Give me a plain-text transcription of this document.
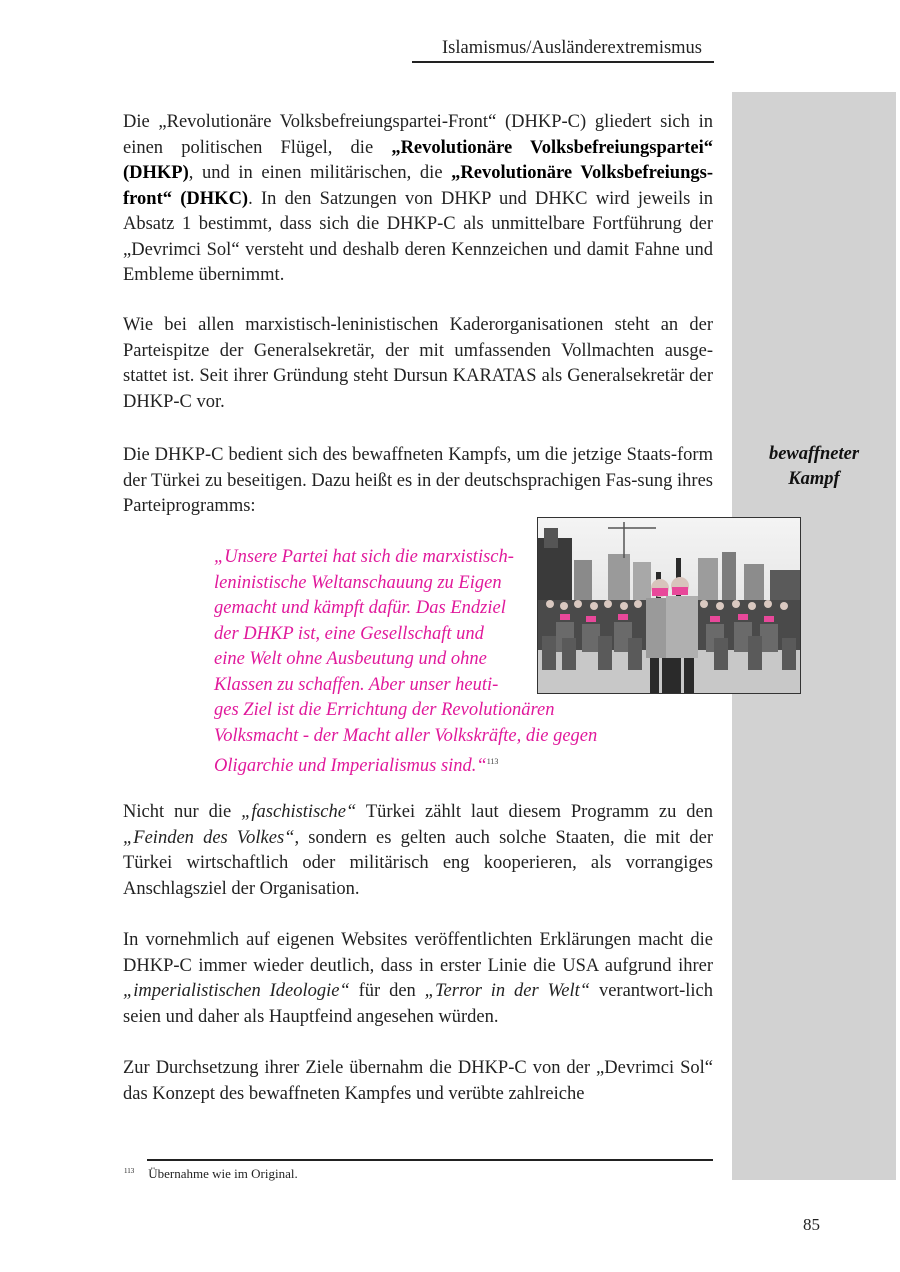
Islamismus/Ausländerextremismus
bewaffneter
Kampf

Die „Revolutionäre Volksbefreiungspartei-Front“ (DHKP-C) gliedert sich in einen politischen Flügel, die „Revolutionäre Volksbefreiungspartei“ (DHKP), und in einen militärischen, die „Revolutionäre Volksbefreiungs-front“ (DHKC). In den Satzungen von DHKP und DHKC wird jeweils in Absatz 1 bestimmt, dass sich die DHKP-C als unmittelbare Fortführung der „Devrimci Sol“ versteht und deshalb deren Kennzeichen und damit Fahne und Embleme übernimmt.

Wie bei allen marxistisch-leninistischen Kaderorganisationen steht an der Parteispitze der Generalsekretär, der mit umfassenden Vollmachten ausge-stattet ist. Seit ihrer Gründung steht Dursun KARATAS als Generalsekretär der DHKP-C vor.

Die DHKP-C bedient sich des bewaffneten Kampfs, um die jetzige Staats-form der Türkei zu beseitigen. Dazu heißt es in der deutschsprachigen Fas-sung ihres Parteiprogramms:

„Unsere Partei hat sich die marxistisch-
leninistische Weltanschauung zu Eigen
gemacht und kämpft dafür. Das Endziel
der DHKP ist, eine Gesellschaft und
eine Welt ohne Ausbeutung und ohne
Klassen zu schaffen. Aber unser heuti-
ges Ziel ist die Errichtung der Revolutionären
Volksmacht - der Macht aller Volkskräfte, die gegen
Oligarchie und Imperialismus sind.“$^{113}$

Nicht nur die „faschistische“ Türkei zählt laut diesem Programm zu den „Feinden des Volkes“, sondern es gelten auch solche Staaten, die mit der Türkei wirtschaftlich oder militärisch eng kooperieren, als vorrangiges Anschlagsziel der Organisation.

In vornehmlich auf eigenen Websites veröffentlichten Erklärungen macht die DHKP-C immer wieder deutlich, dass in erster Linie die USA aufgrund ihrer „imperialistischen Ideologie“ für den „Terror in der Welt“ verantwort-lich seien und daher als Hauptfeind angesehen würden.

Zur Durchsetzung ihrer Ziele übernahm die DHKP-C von der „Devrimci Sol“ das Konzept des bewaffneten Kampfes und verübte zahlreiche

$^{113}$ Übernahme wie im Original.
85
